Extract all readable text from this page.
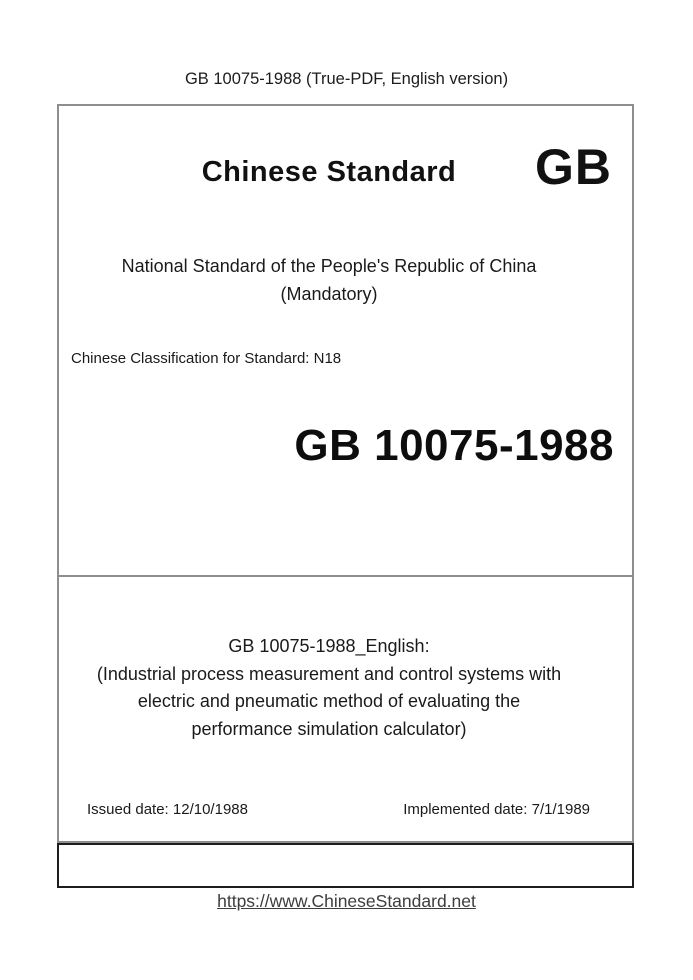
GB 10075-1988 (True-PDF, English version)
Chinese Standard	GB
National Standard of the People's Republic of China
(Mandatory)
Chinese Classification for Standard: N18
GB 10075-1988
GB 10075-1988_English:
(Industrial process measurement and control systems with
electric and pneumatic method of evaluating the
performance simulation calculator)
Issued date: 12/10/1988	Implemented date: 7/1/1989
https://www.ChineseStandard.net
